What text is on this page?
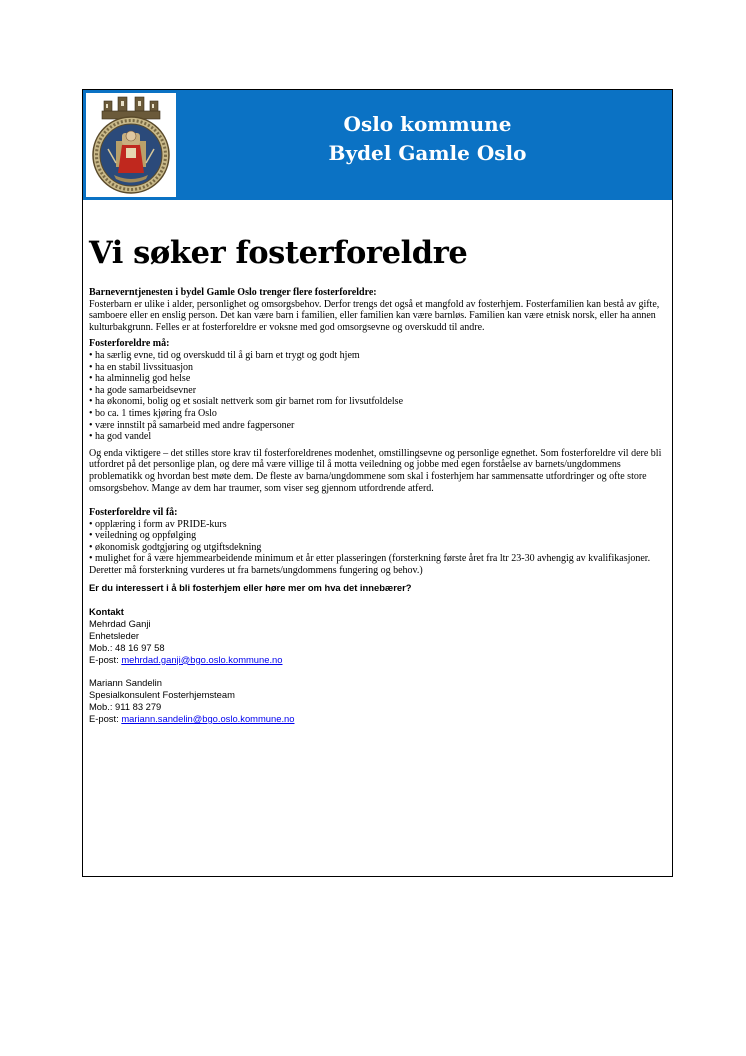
Oslo kommune
Bydel Gamle Oslo
Vi søker fosterforeldre

Barneverntjenesten i bydel Gamle Oslo trenger flere fosterforeldre:

Fosterbarn er ulike i alder, personlighet og omsorgsbehov. Derfor trengs det også et mangfold av fosterhjem. Fosterfamilien kan bestå av gifte, samboere eller en enslig person. Det kan være barn i familien, eller familien kan være barnløs. Familien kan være etnisk norsk, eller ha annen kulturbakgrunn. Felles er at fosterforeldre er voksne med god omsorgsevne og overskudd til andre.

Fosterforeldre må:

• ha særlig evne, tid og overskudd til å gi barn et trygt og godt hjem
• ha en stabil livssituasjon
• ha alminnelig god helse
• ha gode samarbeidsevner
• ha økonomi, bolig og et sosialt nettverk som gir barnet rom for livsutfoldelse
• bo ca. 1 times kjøring fra Oslo
• være innstilt på samarbeid med andre fagpersoner
• ha god vandel

Og enda viktigere – det stilles store krav til fosterforeldrenes modenhet, omstillingsevne og personlige egnethet. Som fosterforeldre vil dere bli utfordret på det personlige plan, og dere må være villige til å motta veiledning og jobbe med egen forståelse av barnets/ungdommens problematikk og hvordan best møte dem. De fleste av barna/ungdommene som skal i fosterhjem har sammensatte utfordringer og ofte store omsorgsbehov. Mange av dem har traumer, som viser seg gjennom utfordrende atferd.

Fosterforeldre vil få:

• opplæring i form av PRIDE-kurs
• veiledning og oppfølging
• økonomisk godtgjøring og utgiftsdekning
• mulighet for å være hjemmearbeidende minimum et år etter plasseringen (forsterkning første året fra ltr 23-30 avhengig av kvalifikasjoner. Deretter må forsterkning vurderes ut fra barnets/ungdommens fungering og behov.)

Er du interessert i å bli fosterhjem eller høre mer om hva det innebærer?

Kontakt

Mehrdad Ganji

Enhetsleder

Mob.: 48 16 97 58

E-post: mehrdad.ganji@bgo.oslo.kommune.no

Mariann Sandelin

Spesialkonsulent Fosterhjemsteam

Mob.: 911 83 279

E-post: mariann.sandelin@bgo.oslo.kommune.no
